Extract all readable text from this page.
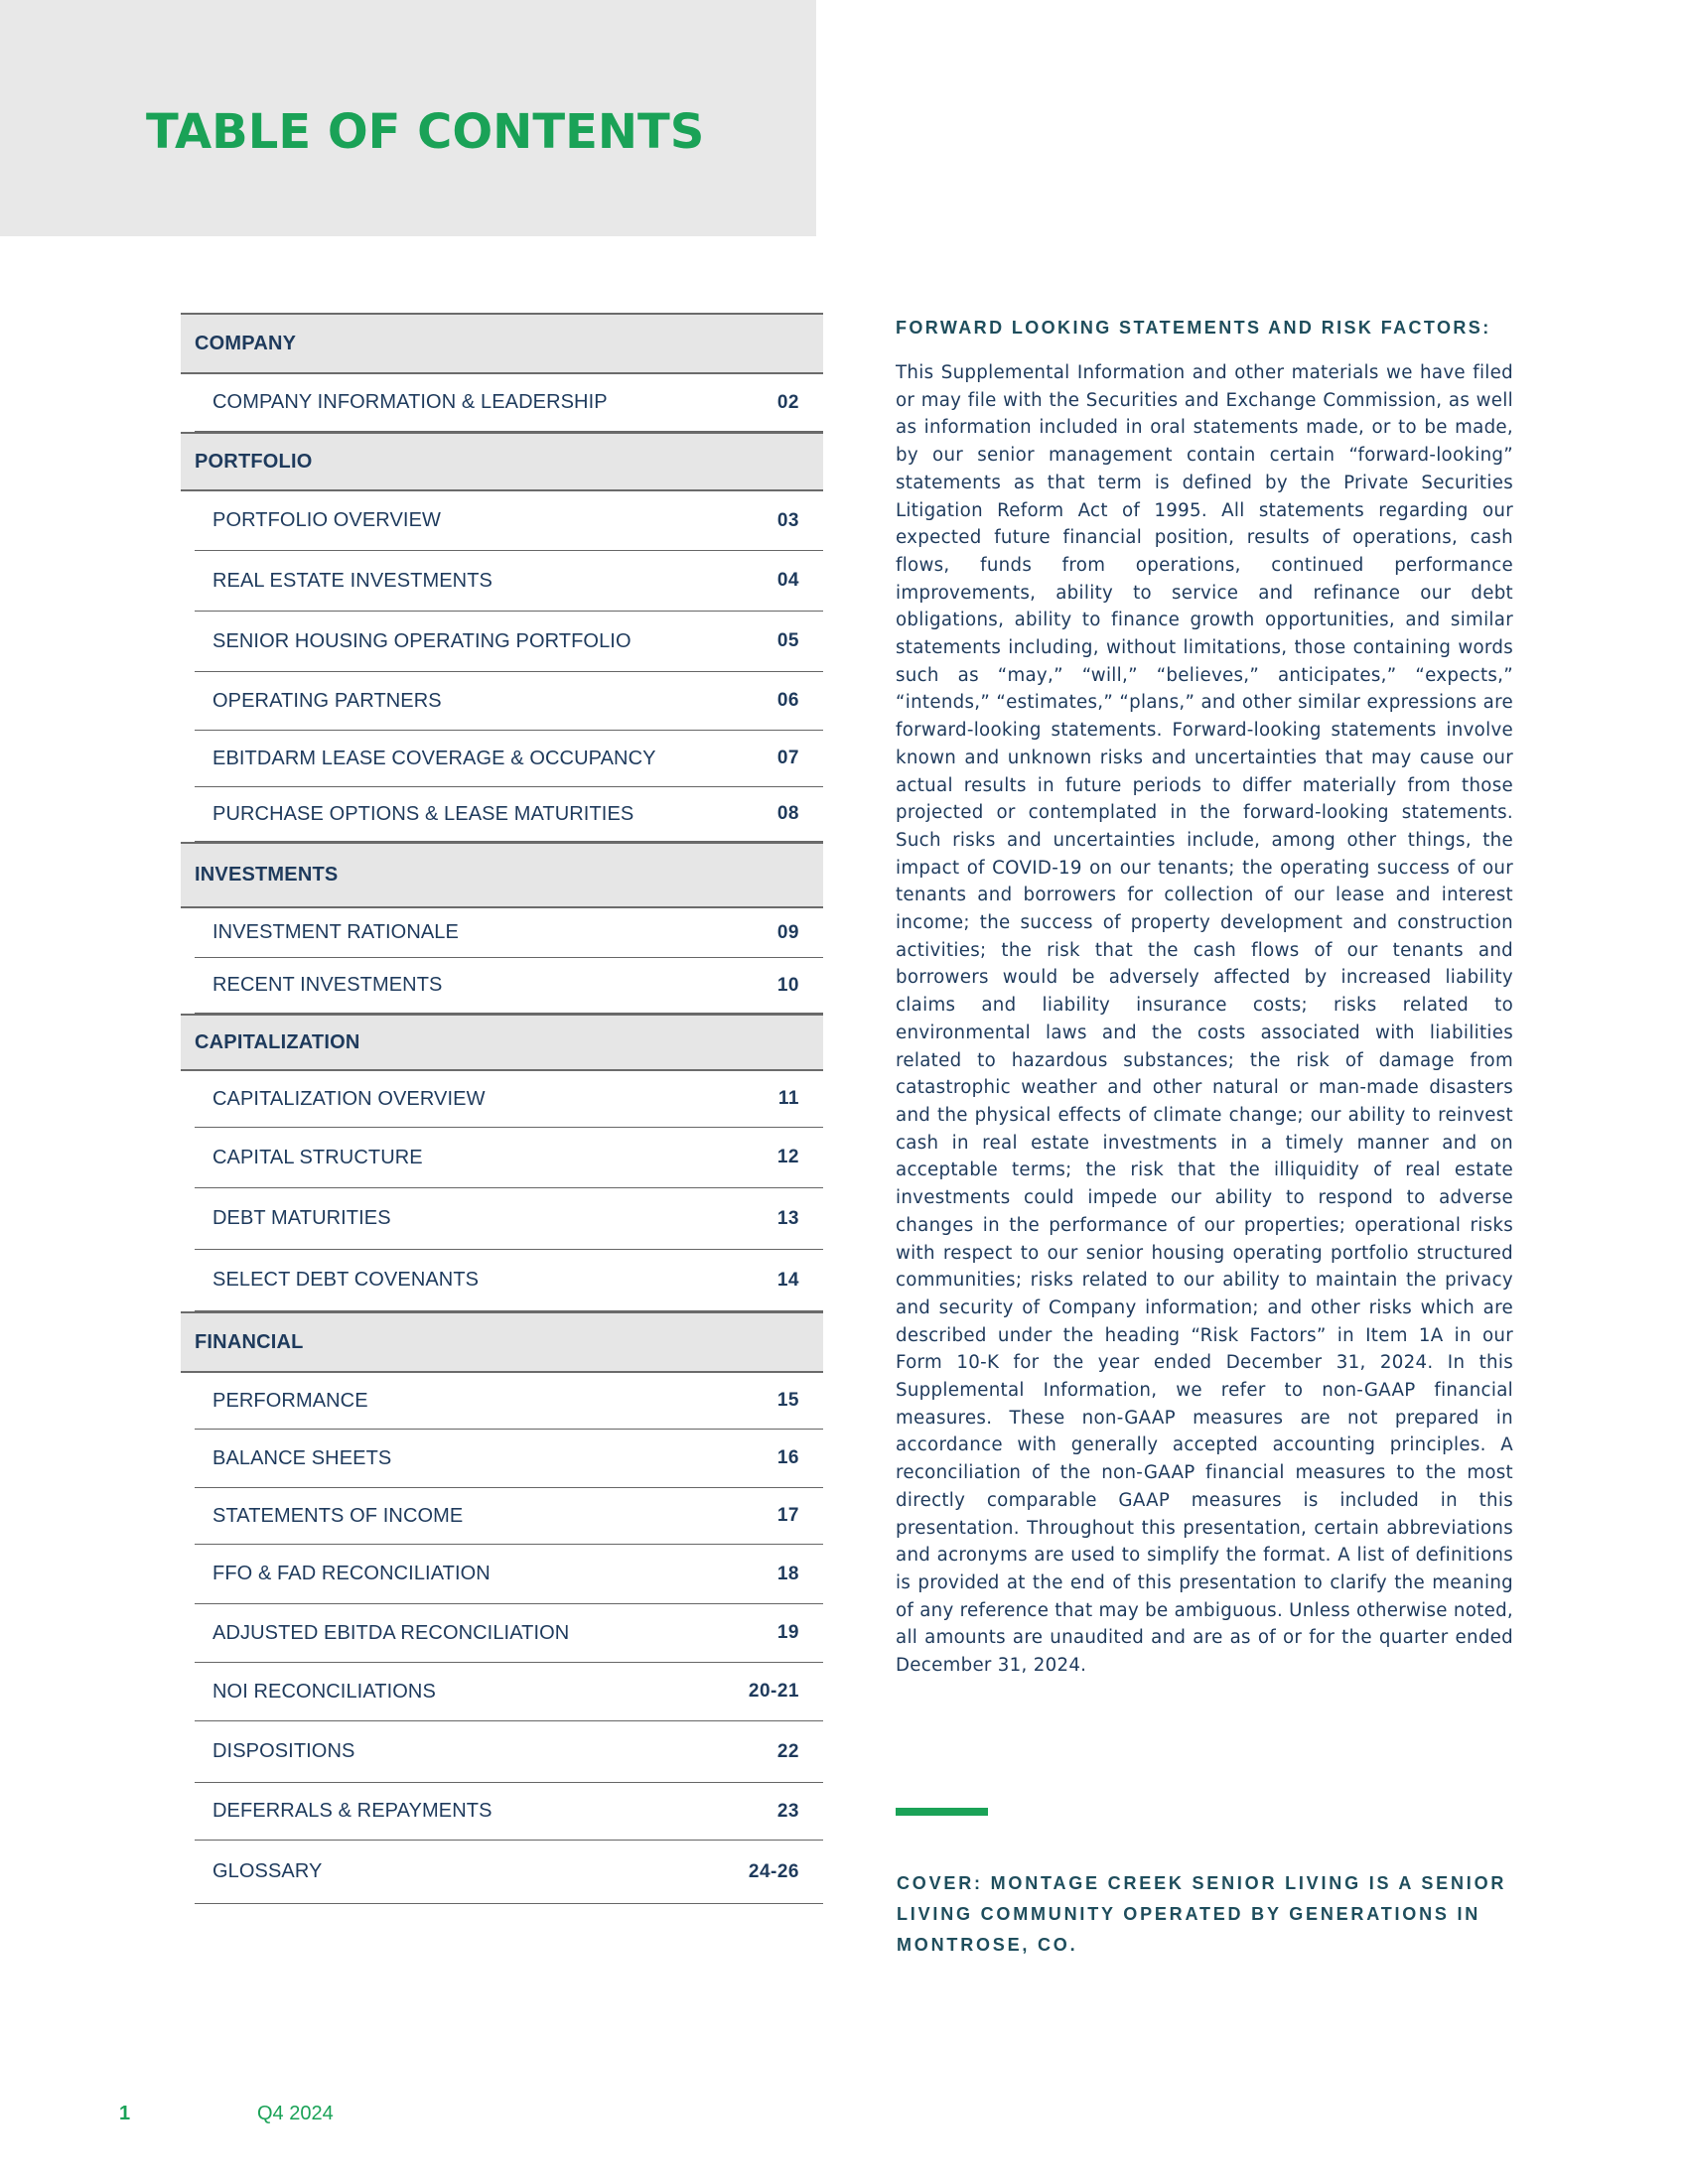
TABLE OF CONTENTS
COMPANY
COMPANY INFORMATION & LEADERSHIP	02
PORTFOLIO
PORTFOLIO OVERVIEW	03
REAL ESTATE INVESTMENTS	04
SENIOR HOUSING OPERATING PORTFOLIO	05
OPERATING PARTNERS	06
EBITDARM LEASE COVERAGE & OCCUPANCY	07
PURCHASE OPTIONS & LEASE MATURITIES	08
INVESTMENTS
INVESTMENT RATIONALE	09
RECENT INVESTMENTS	10
CAPITALIZATION
CAPITALIZATION OVERVIEW	11
CAPITAL STRUCTURE	12
DEBT MATURITIES	13
SELECT DEBT COVENANTS	14
FINANCIAL
PERFORMANCE	15
BALANCE SHEETS	16
STATEMENTS OF INCOME	17
FFO & FAD RECONCILIATION	18
ADJUSTED EBITDA RECONCILIATION	19
NOI RECONCILIATIONS	20-21
DISPOSITIONS	22
DEFERRALS & REPAYMENTS	23
GLOSSARY	24-26
FORWARD LOOKING STATEMENTS AND RISK FACTORS:

This Supplemental Information and other materials we have filed or may file with the Securities and Exchange Commission, as well as information included in oral statements made, or to be made, by our senior management contain certain “forward-looking” statements as that term is defined by the Private Securities Litigation Reform Act of 1995. All statements regarding our expected future financial position, results of operations, cash flows, funds from operations, continued performance improvements, ability to service and refinance our debt obligations, ability to finance growth opportunities, and similar statements including, without limitations, those containing words such as “may,” “will,” “believes,” anticipates,” “expects,” “intends,” “estimates,” “plans,” and other similar expressions are forward-looking statements. Forward-looking statements involve known and unknown risks and uncertainties that may cause our actual results in future periods to differ materially from those projected or contemplated in the forward-looking statements. Such risks and uncertainties include, among other things, the impact of COVID-19 on our tenants; the operating success of our tenants and borrowers for collection of our lease and interest income; the success of property development and construction activities; the risk that the cash flows of our tenants and borrowers would be adversely affected by increased liability claims and liability insurance costs; risks related to environmental laws and the costs associated with liabilities related to hazardous substances; the risk of damage from catastrophic weather and other natural or man-made disasters and the physical effects of climate change; our ability to reinvest cash in real estate investments in a timely manner and on acceptable terms; the risk that the illiquidity of real estate investments could impede our ability to respond to adverse changes in the performance of our properties; operational risks with respect to our senior housing operating portfolio structured communities; risks related to our ability to maintain the privacy and security of Company information; and other risks which are described under the heading “Risk Factors” in Item 1A in our Form 10-K for the year ended December 31, 2024. In this Supplemental Information, we refer to non-GAAP financial measures. These non-GAAP measures are not prepared in accordance with generally accepted accounting principles. A reconciliation of the non-GAAP financial measures to the most directly comparable GAAP measures is included in this presentation. Throughout this presentation, certain abbreviations and acronyms are used to simplify the format. A list of definitions is provided at the end of this presentation to clarify the meaning of any reference that may be ambiguous. Unless otherwise noted, all amounts are unaudited and are as of or for the quarter ended December 31, 2024.

COVER: MONTAGE CREEK SENIOR LIVING IS A SENIOR LIVING COMMUNITY OPERATED BY GENERATIONS IN MONTROSE, CO.

1	Q4 2024
